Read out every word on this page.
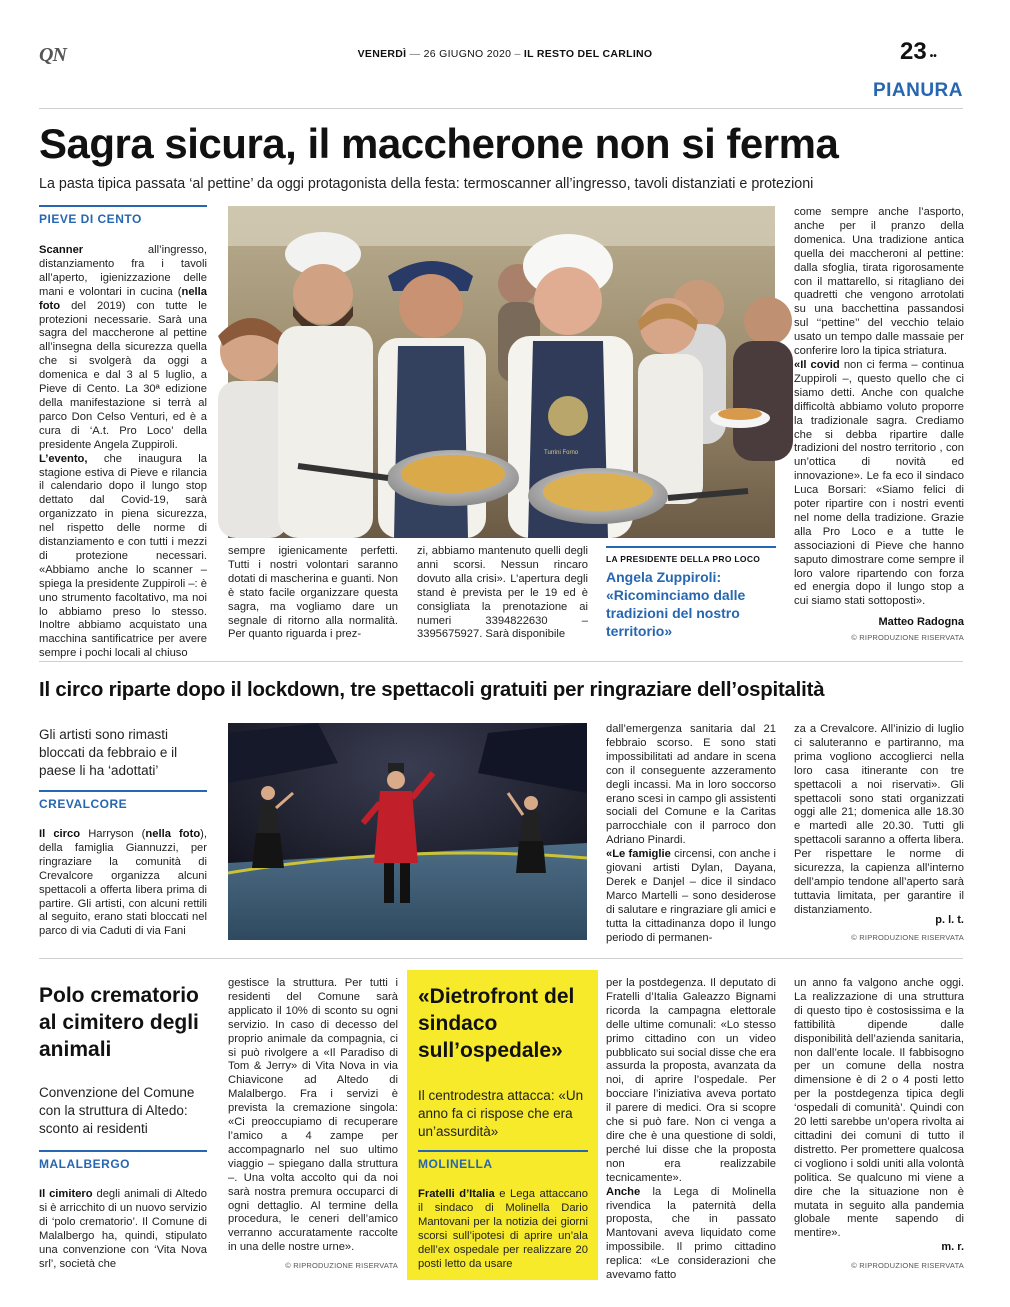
QN	VENERDÌ — 26 GIUGNO 2020 – IL RESTO DEL CARLINO	23 ••
PIANURA
Sagra sicura, il maccherone non si ferma
La pasta tipica passata ‘al pettine’ da oggi protagonista della festa: termoscanner all’ingresso, tavoli distanziati e protezioni
PIEVE DI CENTO

Scanner all’ingresso, distanziamento fra i tavoli all’aperto, igienizzazione delle mani e volontari in cucina (nella foto del 2019) con tutte le protezioni necessarie. Sarà una sagra del maccherone al pettine all’insegna della sicurezza quella che si svolgerà da oggi a domenica e dal 3 al 5 luglio, a Pieve di Cento. La 30ª edizione della manifestazione si terrà al parco Don Celso Venturi, ed è a cura di ‘A.t. Pro Loco’ della presidente Angela Zuppiroli.

L’evento, che inaugura la stagione estiva di Pieve e rilancia il calendario dopo il lungo stop dettato dal Covid-19, sarà organizzato in piena sicurezza, nel rispetto delle norme di distanziamento e con tutti i mezzi di protezione necessari. «Abbiamo anche lo scanner – spiega la presidente Zuppiroli –: è uno strumento facoltativo, ma noi lo abbiamo preso lo stesso. Inoltre abbiamo acquistato una macchina santificatrice per avere sempre i pochi locali al chiuso

Turrini Forno

sempre igienicamente perfetti. Tutti i nostri volontari saranno dotati di mascherina e guanti. Non è stato facile organizzare questa sagra, ma vogliamo dare un segnale di ritorno alla normalità. Per quanto riguarda i prez-

zi, abbiamo mantenuto quelli degli anni scorsi. Nessun rincaro dovuto alla crisi». L’apertura degli stand è prevista per le 19 ed è consigliata la prenotazione ai numeri 3394822630 – 3395675927. Sarà disponibile

LA PRESIDENTE DELLA PRO LOCO
Angela Zuppiroli:
«Ricominciamo dalle tradizioni del nostro territorio»

come sempre anche l’asporto, anche per il pranzo della domenica. Una tradizione antica quella dei maccheroni al pettine: dalla sfoglia, tirata rigorosamente con il mattarello, si ritagliano dei quadretti che vengono arrotolati su una bacchettina passandosi sul ‘‘pettine’’ del vecchio telaio usato un tempo dalle massaie per conferire loro la tipica striatura.

«Il covid non ci ferma – continua Zuppiroli –, questo quello che ci siamo detti. Anche con qualche difficoltà abbiamo voluto proporre la tradizionale sagra. Crediamo che si debba ripartire dalle tradizioni del nostro territorio , con un’ottica di novità ed innovazione». Le fa eco il sindaco Luca Borsari: «Siamo felici di poter ripartire con i nostri eventi nel nome della tradizione. Grazie alla Pro Loco e a tutte le associazioni di Pieve che hanno saputo dimostrare come sempre il loro valore ripartendo con forza ed energia dopo il lungo stop a cui siamo stati sottoposti».

Matteo Radogna
© RIPRODUZIONE RISERVATA
Il circo riparte dopo il lockdown, tre spettacoli gratuiti per ringraziare dell’ospitalità
Gli artisti sono rimasti bloccati da febbraio e il paese li ha ‘adottati’
CREVALCORE

Il circo Harryson (nella foto), della famiglia Giannuzzi, per ringraziare la comunità di Crevalcore organizza alcuni spettacoli a offerta libera prima di partire. Gli artisti, con alcuni rettili al seguito, erano stati bloccati nel parco di via Caduti di via Fani

dall’emergenza sanitaria dal 21 febbraio scorso. E sono stati impossibilitati ad andare in scena con il conseguente azzeramento degli incassi. Ma in loro soccorso erano scesi in campo gli assistenti sociali del Comune e la Caritas parrocchiale con il parroco don Adriano Pinardi.

«Le famiglie circensi, con anche i giovani artisti Dylan, Dayana, Derek e Danjel – dice il sindaco Marco Martelli – sono desiderose di salutare e ringraziare gli amici e tutta la cittadinanza dopo il lungo periodo di permanen-

za a Crevalcore. All’inizio di luglio ci saluteranno e partiranno, ma prima vogliono accoglierci nella loro casa itinerante con tre spettacoli a noi riservati». Gli spettacoli sono stati organizzati oggi alle 21; domenica alle 18.30 e martedì alle 20.30. Tutti gli spettacoli saranno a offerta libera. Per rispettare le norme di sicurezza, la capienza all’interno dell’ampio tendone all’aperto sarà tuttavia limitata, per garantire il distanziamento.

p. l. t.
© RIPRODUZIONE RISERVATA
Polo crematorio al cimitero degli animali
Convenzione del Comune con la struttura di Altedo: sconto ai residenti
MALALBERGO

Il cimitero degli animali di Altedo si è arricchito di un nuovo servizio di ‘polo crematorio’. Il Comune di Malalbergo ha, quindi, stipulato una convenzione con ‘Vita Nova srl’, società che

gestisce la struttura. Per tutti i residenti del Comune sarà applicato il 10% di sconto su ogni servizio. In caso di decesso del proprio animale da compagnia, ci si può rivolgere a «Il Paradiso di Tom & Jerry» di Vita Nova in via Chiavicone ad Altedo di Malalbergo. Fra i servizi è prevista la cremazione singola: «Ci preoccupiamo di recuperare l’amico a 4 zampe per accompagnarlo nel suo ultimo viaggio – spiegano dalla struttura –. Una volta accolto qui da noi sarà nostra premura occuparci di ogni dettaglio. Al termine della procedura, le ceneri dell’amico verranno accuratamente raccolte in una delle nostre urne».

© RIPRODUZIONE RISERVATA
«Dietrofront del sindaco sull’ospedale»
Il centrodestra attacca: «Un anno fa ci rispose che era un’assurdità»
MOLINELLA

Fratelli d’Italia e Lega attaccano il sindaco di Molinella Dario Mantovani per la notizia dei giorni scorsi sull’ipotesi di aprire un’ala dell’ex ospedale per realizzare 20 posti letto da usare

per la postdegenza. Il deputato di Fratelli d’Italia Galeazzo Bignami ricorda la campagna elettorale delle ultime comunali: «Lo stesso primo cittadino con un video pubblicato sui social disse che era assurda la proposta, avanzata da noi, di aprire l’ospedale. Per bocciare l’iniziativa aveva portato il parere di medici. Ora si scopre che si può fare. Non ci venga a dire che è una questione di soldi, perché lui disse che la proposta non era realizzabile tecnicamente».

Anche la Lega di Molinella rivendica la paternità della proposta, che in passato Mantovani aveva liquidato come impossibile. Il primo cittadino replica: «Le considerazioni che avevamo fatto

un anno fa valgono anche oggi. La realizzazione di una struttura di questo tipo è costosissima e la fattibilità dipende dalle disponibilità dell’azienda sanitaria, non dall’ente locale. Il fabbisogno per un comune della nostra dimensione è di 2 o 4 posti letto per la postdegenza tipica degli ‘ospedali di comunità’. Quindi con 20 letti sarebbe un’opera rivolta ai cittadini dei comuni di tutto il distretto. Per promettere qualcosa ci vogliono i soldi uniti alla volontà politica. Se qualcuno mi viene a dire che la situazione non è mutata in seguito alla pandemia globale mente sapendo di mentire».

m. r.
© RIPRODUZIONE RISERVATA
